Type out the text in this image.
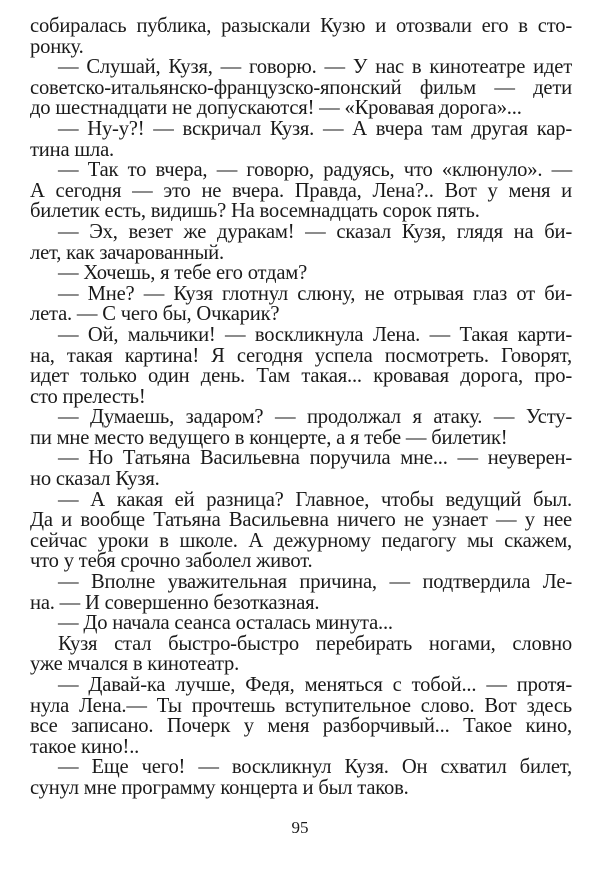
собиралась публика, разыскали Кузю и отозвали его в сто-
ронку.
— Слушай, Кузя, — говорю. — У нас в кинотеатре идет
советско-итальянско-французско-японский фильм — дети
до шестнадцати не допускаются! — «Кровавая дорога»...
— Ну-у?! — вскричал Кузя. — А вчера там другая кар-
тина шла.
— Так то вчера, — говорю, радуясь, что «клюнуло». —
А сегодня — это не вчера. Правда, Лена?.. Вот у меня и
билетик есть, видишь? На восемнадцать сорок пять.
— Эх, везет же дуракам! — сказал Кузя, глядя на би-
лет, как зачарованный.
— Хочешь, я тебе его отдам?
— Мне? — Кузя глотнул слюну, не отрывая глаз от би-
лета. — С чего бы, Очкарик?
— Ой, мальчики! — воскликнула Лена. — Такая карти-
на, такая картина! Я сегодня успела посмотреть. Говорят,
идет только один день. Там такая... кровавая дорога, про-
сто прелесть!
— Думаешь, задаром? — продолжал я атаку. — Усту-
пи мне место ведущего в концерте, а я тебе — билетик!
— Но Татьяна Васильевна поручила мне... — неуверен-
но сказал Кузя.
— А какая ей разница? Главное, чтобы ведущий был.
Да и вообще Татьяна Васильевна ничего не узнает — у нее
сейчас уроки в школе. А дежурному педагогу мы скажем,
что у тебя срочно заболел живот.
— Вполне уважительная причина, — подтвердила Ле-
на. — И совершенно безотказная.
— До начала сеанса осталась минута...
Кузя стал быстро-быстро перебирать ногами, словно
уже мчался в кинотеатр.
— Давай-ка лучше, Федя, меняться с тобой... — протя-
нула Лена.— Ты прочтешь вступительное слово. Вот здесь
все записано. Почерк у меня разборчивый... Такое кино,
такое кино!..
— Еще чего! — воскликнул Кузя. Он схватил билет,
сунул мне программу концерта и был таков.
95
